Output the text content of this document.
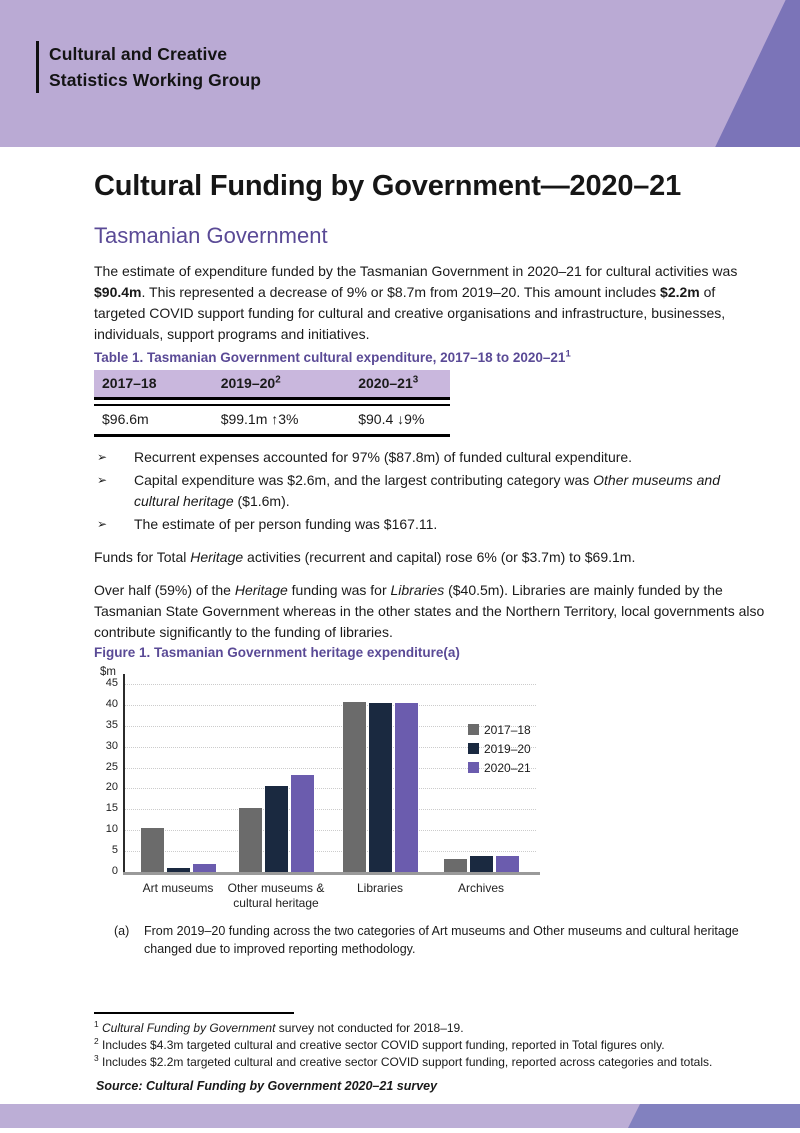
Cultural and Creative
Statistics Working Group
Cultural Funding by Government—2020–21
Tasmanian Government

The estimate of expenditure funded by the Tasmanian Government in 2020–21 for cultural activities was $90.4m. This represented a decrease of 9% or $8.7m from 2019–20. This amount includes $2.2m of targeted COVID support funding for cultural and creative organisations and infrastructure, businesses, individuals, support programs and initiatives.

Table 1. Tasmanian Government cultural expenditure, 2017–18 to $2020-21^1$
2017–18	$2019-20^2$	$2020-21^3$

$96.6m	$99.1m ↑3%	$90.4 ↓9%
➢	Recurrent expenses accounted for 97% ($87.8m) of funded cultural expenditure.
➢	Capital expenditure was $2.6m, and the largest contributing category was Other museums and cultural heritage ($1.6m).
➢	The estimate of per person funding was $167.11.

Funds for Total Heritage activities (recurrent and capital) rose 6% (or $3.7m) to $69.1m.

Over half (59%) of the Heritage funding was for Libraries ($40.5m). Libraries are mainly funded by the Tasmanian State Government whereas in the other states and the Northern Territory, local governments also contribute significantly to the funding of libraries.

Figure 1. Tasmanian Government heritage expenditure(a)
$m
45
40
35
30
25
20
15
10
5
0
Art museums	Other museums & cultural heritage
Libraries	Archives
2017–18
2019–20
2020–21
(a)	From 2019–20 funding across the two categories of Art museums and Other museums and cultural heritage changed due to improved reporting methodology.
$^1$ Cultural Funding by Government survey not conducted for 2018–19.
$^2$ Includes $4.3m targeted cultural and creative sector COVID support funding, reported in Total figures only.
$^3$ Includes $2.2m targeted cultural and creative sector COVID support funding, reported across categories and totals.
Source: Cultural Funding by Government 2020–21 survey
